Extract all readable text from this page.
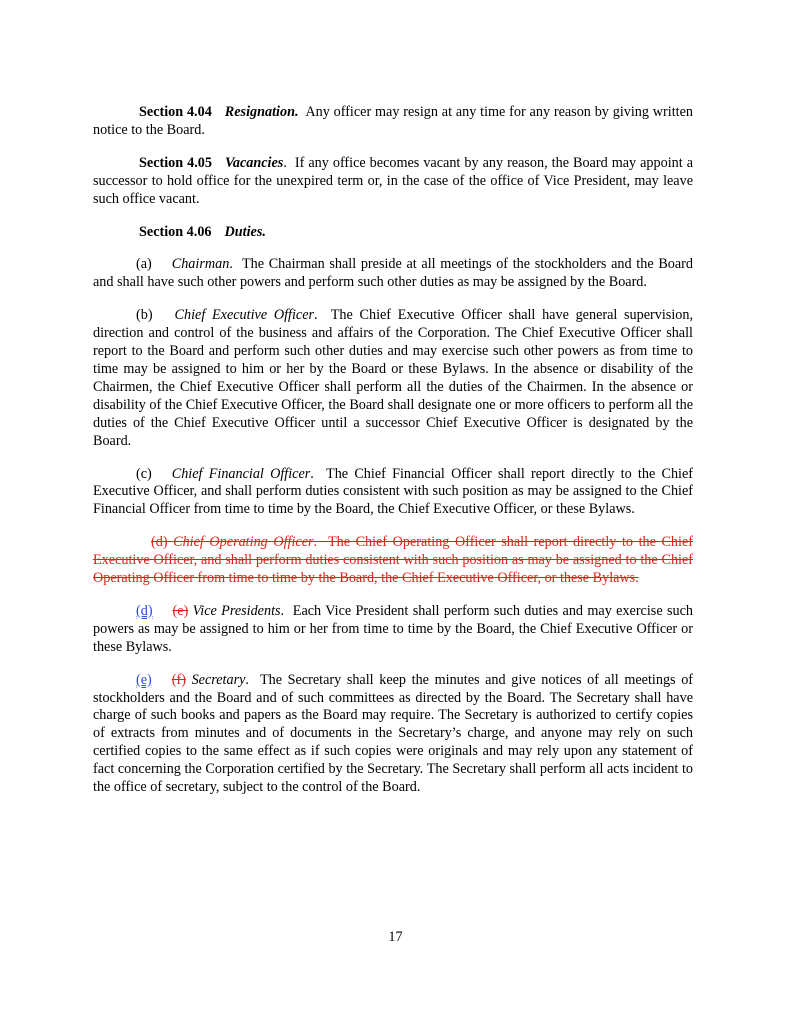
Section 4.04 Resignation. Any officer may resign at any time for any reason by giving written notice to the Board.

Section 4.05 Vacancies. If any office becomes vacant by any reason, the Board may appoint a successor to hold office for the unexpired term or, in the case of the office of Vice President, may leave such office vacant.

Section 4.06 Duties.

(a) Chairman. The Chairman shall preside at all meetings of the stockholders and the Board and shall have such other powers and perform such other duties as may be assigned by the Board.

(b) Chief Executive Officer. The Chief Executive Officer shall have general supervision, direction and control of the business and affairs of the Corporation. The Chief Executive Officer shall report to the Board and perform such other duties and may exercise such other powers as from time to time may be assigned to him or her by the Board or these Bylaws. In the absence or disability of the Chairmen, the Chief Executive Officer shall perform all the duties of the Chairmen. In the absence or disability of the Chief Executive Officer, the Board shall designate one or more officers to perform all the duties of the Chief Executive Officer until a successor Chief Executive Officer is designated by the Board.

(c) Chief Financial Officer. The Chief Financial Officer shall report directly to the Chief Executive Officer, and shall perform duties consistent with such position as may be assigned to the Chief Financial Officer from time to time by the Board, the Chief Executive Officer, or these Bylaws.

(d) Chief Operating Officer. The Chief Operating Officer shall report directly to the Chief Executive Officer, and shall perform duties consistent with such position as may be assigned to the Chief Operating Officer from time to time by the Board, the Chief Executive Officer, or these Bylaws.

(d) (e) Vice Presidents. Each Vice President shall perform such duties and may exercise such powers as may be assigned to him or her from time to time by the Board, the Chief Executive Officer or these Bylaws.

(e) (f) Secretary. The Secretary shall keep the minutes and give notices of all meetings of stockholders and the Board and of such committees as directed by the Board. The Secretary shall have charge of such books and papers as the Board may require. The Secretary is authorized to certify copies of extracts from minutes and of documents in the Secretary’s charge, and anyone may rely on such certified copies to the same effect as if such copies were originals and may rely upon any statement of fact concerning the Corporation certified by the Secretary. The Secretary shall perform all acts incident to the office of secretary, subject to the control of the Board.

17
